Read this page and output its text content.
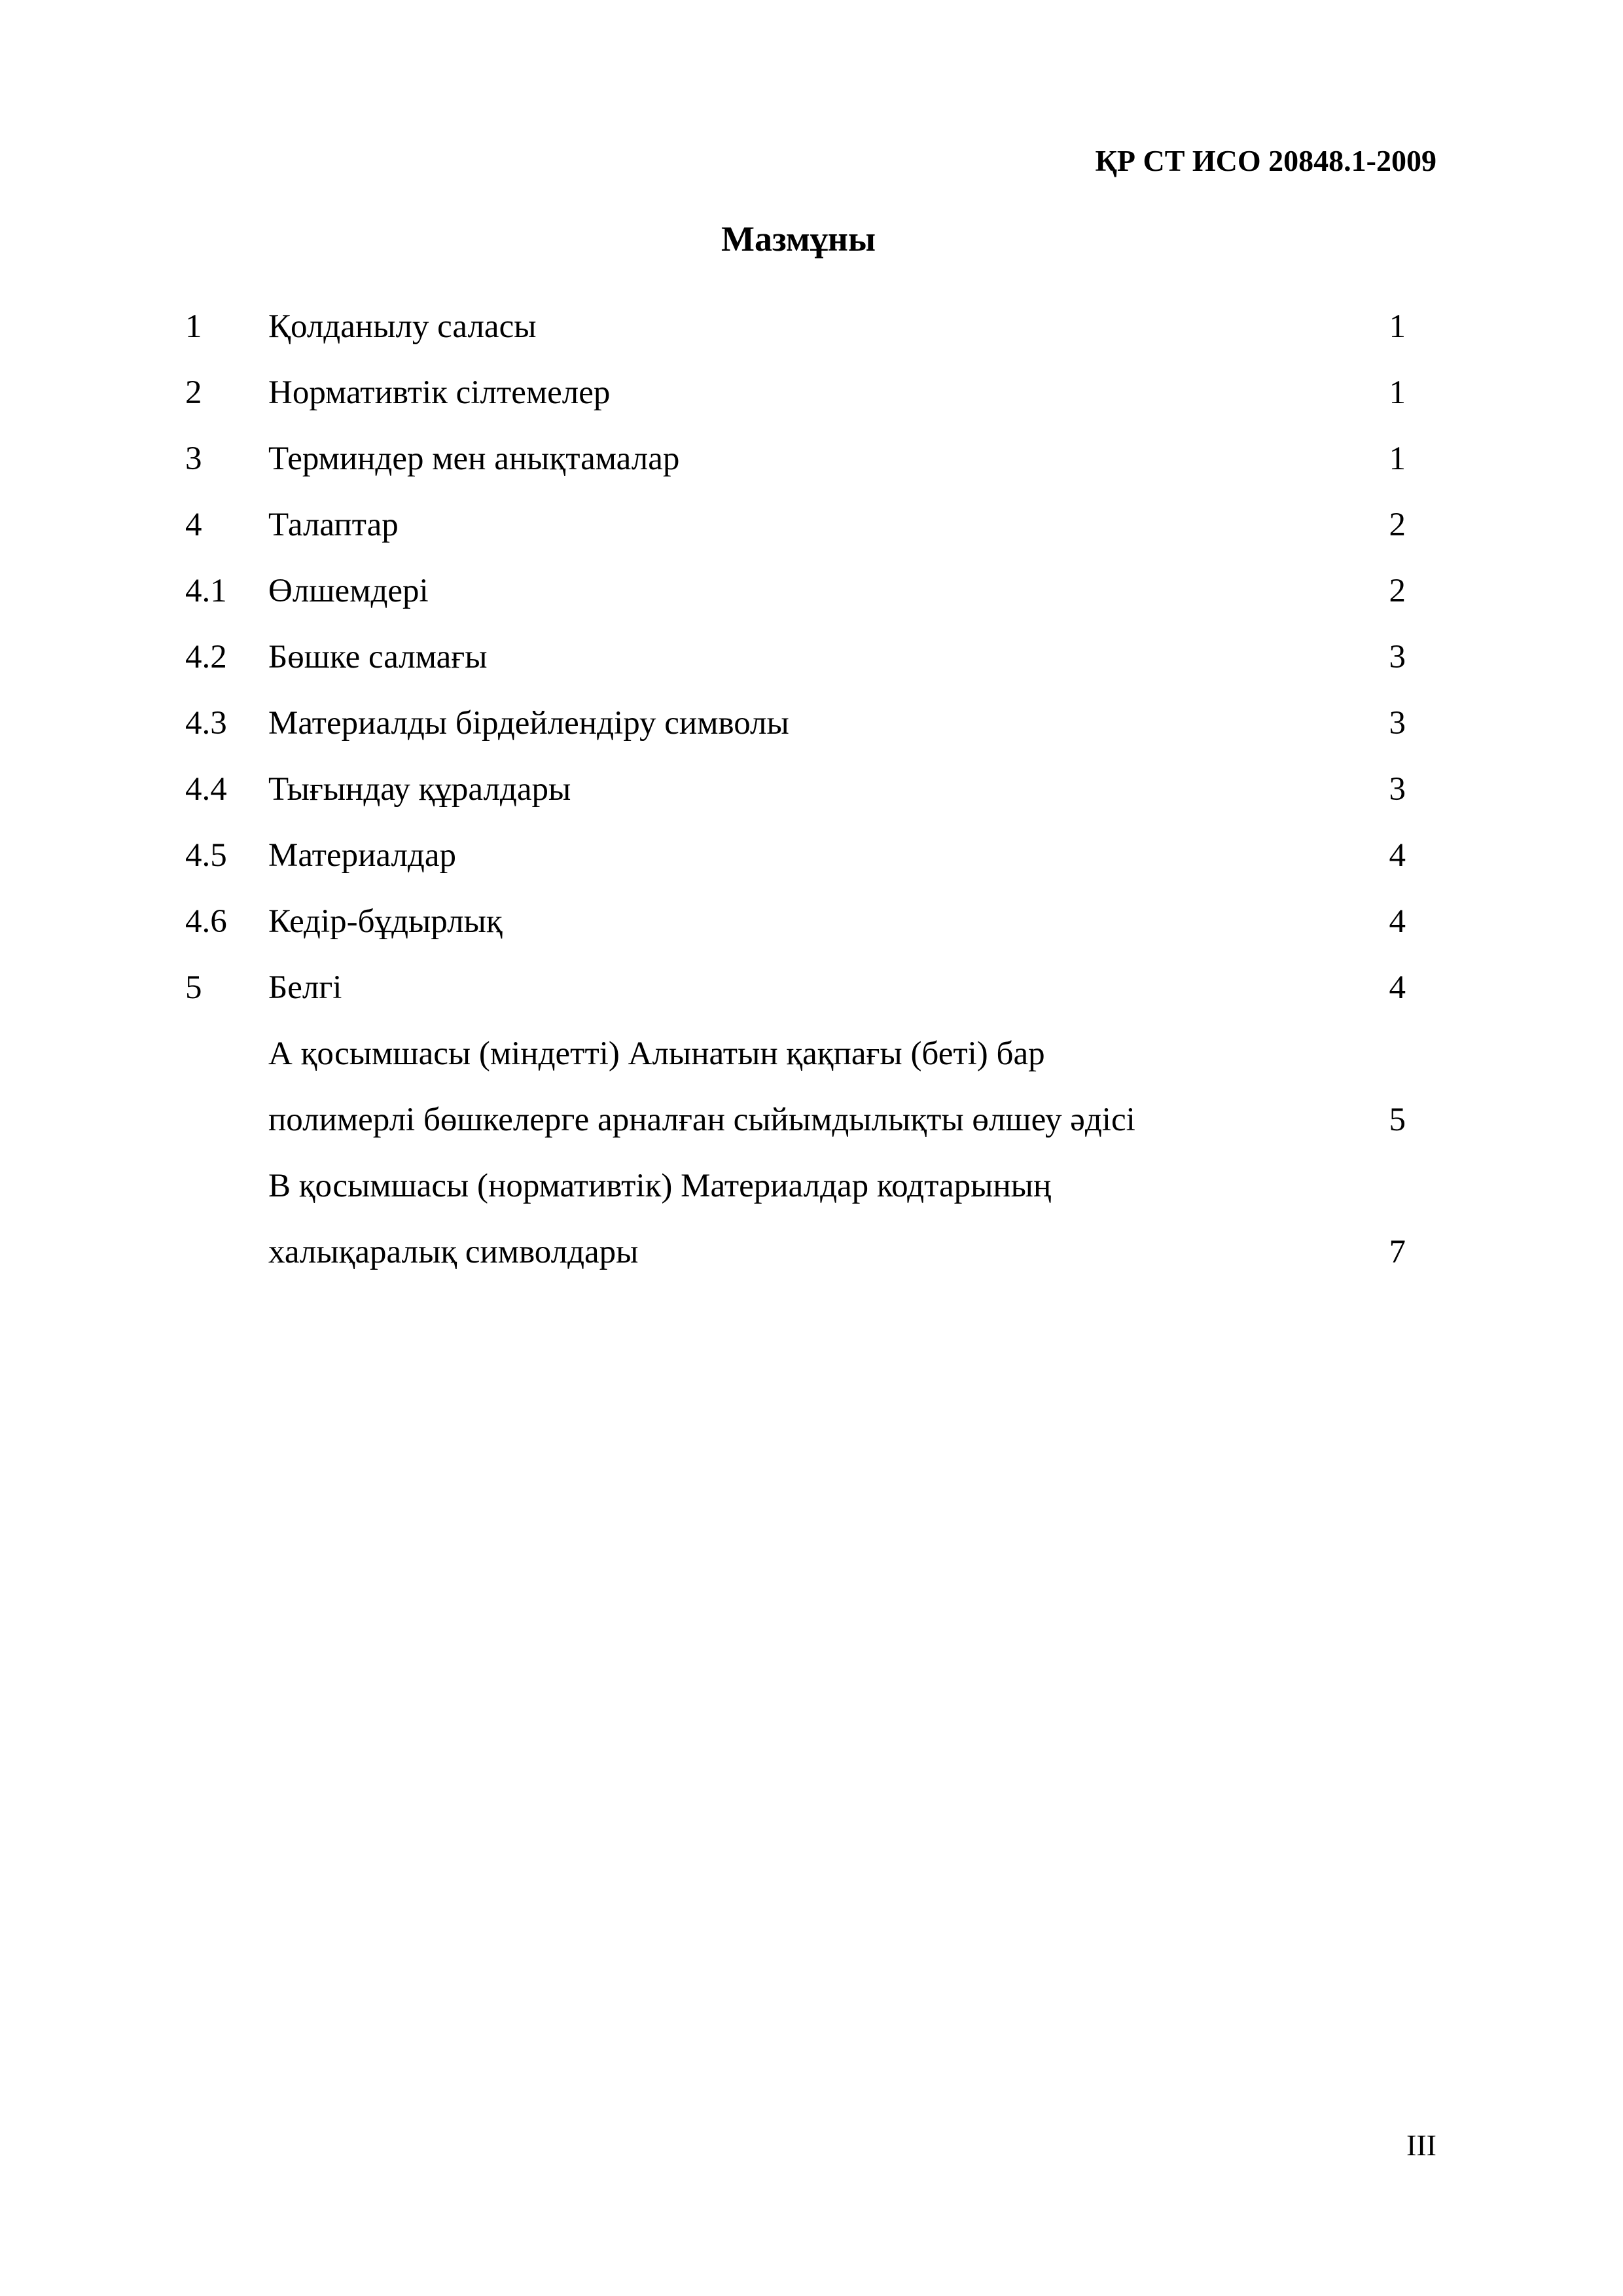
ҚР СТ ИСО 20848.1-2009
Мазмұны
1 Қолданылу саласы	1
2 Нормативтік сілтемелер	1
3 Терминдер мен анықтамалар	1
4 Талаптар	2
4.1 Өлшемдері	2
4.2 Бөшке салмағы	3
4.3 Материалды бірдейлендіру символы	3
4.4 Тығындау құралдары	3
4.5 Материалдар	4
4.6 Кедір-бұдырлық	4
5 Белгі	4
А қосымшасы (міндетті) Алынатын қақпағы (беті) бар
полимерлі бөшкелерге арналған сыйымдылықты өлшеу әдісі	5
В қосымшасы (нормативтік) Материалдар кодтарының
халықаралық символдары	7
III
